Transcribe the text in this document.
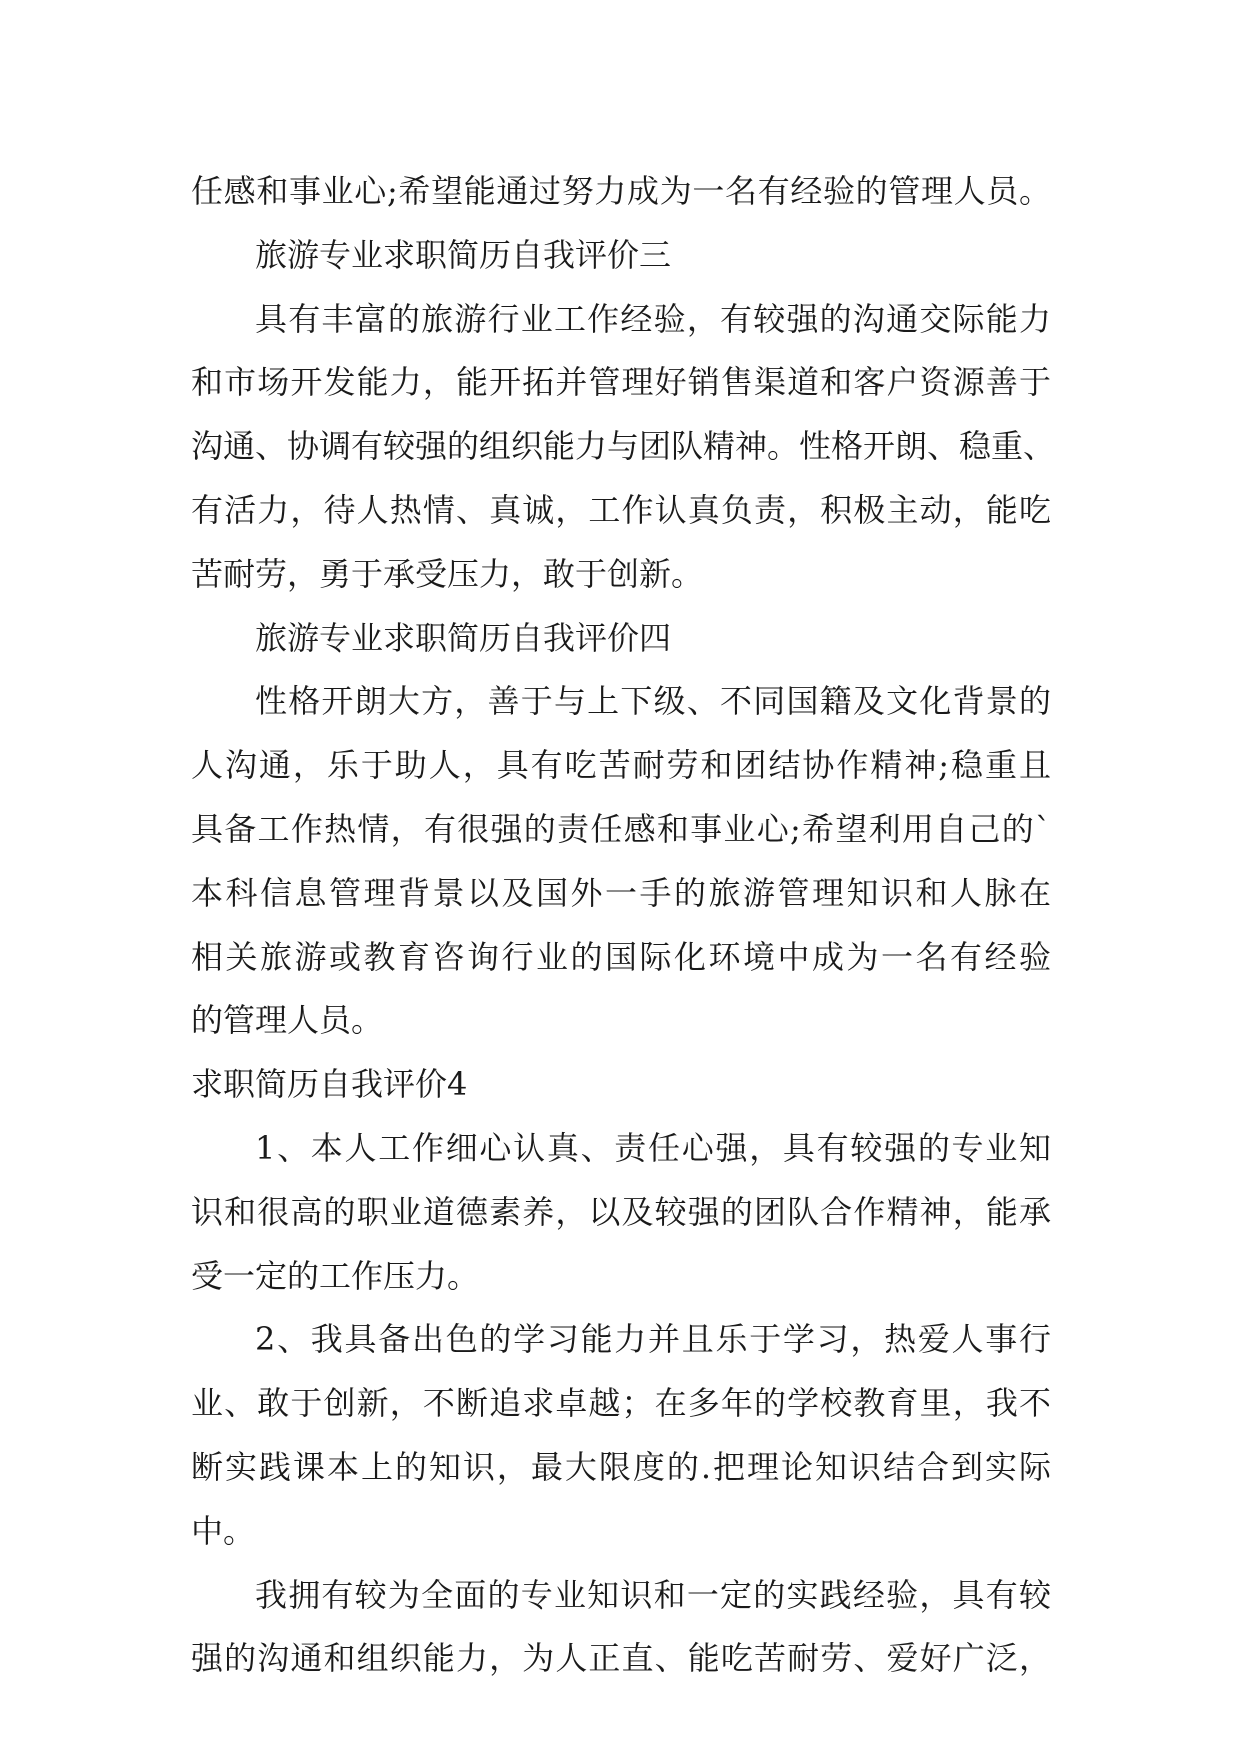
任感和事业心;希望能通过努力成为一名有经验的管理人员。
旅游专业求职简历自我评价三
具有丰富的旅游行业工作经验，有较强的沟通交际能力
和市场开发能力，能开拓并管理好销售渠道和客户资源善于
沟通、协调有较强的组织能力与团队精神。性格开朗、稳重、
有活力，待人热情、真诚，工作认真负责，积极主动，能吃
苦耐劳，勇于承受压力，敢于创新。
旅游专业求职简历自我评价四
性格开朗大方，善于与上下级、不同国籍及文化背景的
人沟通，乐于助人，具有吃苦耐劳和团结协作精神;稳重且
具备工作热情，有很强的责任感和事业心;希望利用自己的`
本科信息管理背景以及国外一手的旅游管理知识和人脉在
相关旅游或教育咨询行业的国际化环境中成为一名有经验
的管理人员。
求职简历自我评价4
1、本人工作细心认真、责任心强，具有较强的专业知
识和很高的职业道德素养，以及较强的团队合作精神，能承
受一定的工作压力。
2、我具备出色的学习能力并且乐于学习，热爱人事行
业、敢于创新，不断追求卓越；在多年的学校教育里，我不
断实践课本上的知识，最大限度的.把理论知识结合到实际
中。
我拥有较为全面的专业知识和一定的实践经验，具有较
强的沟通和组织能力，为人正直、能吃苦耐劳、爱好广泛，
